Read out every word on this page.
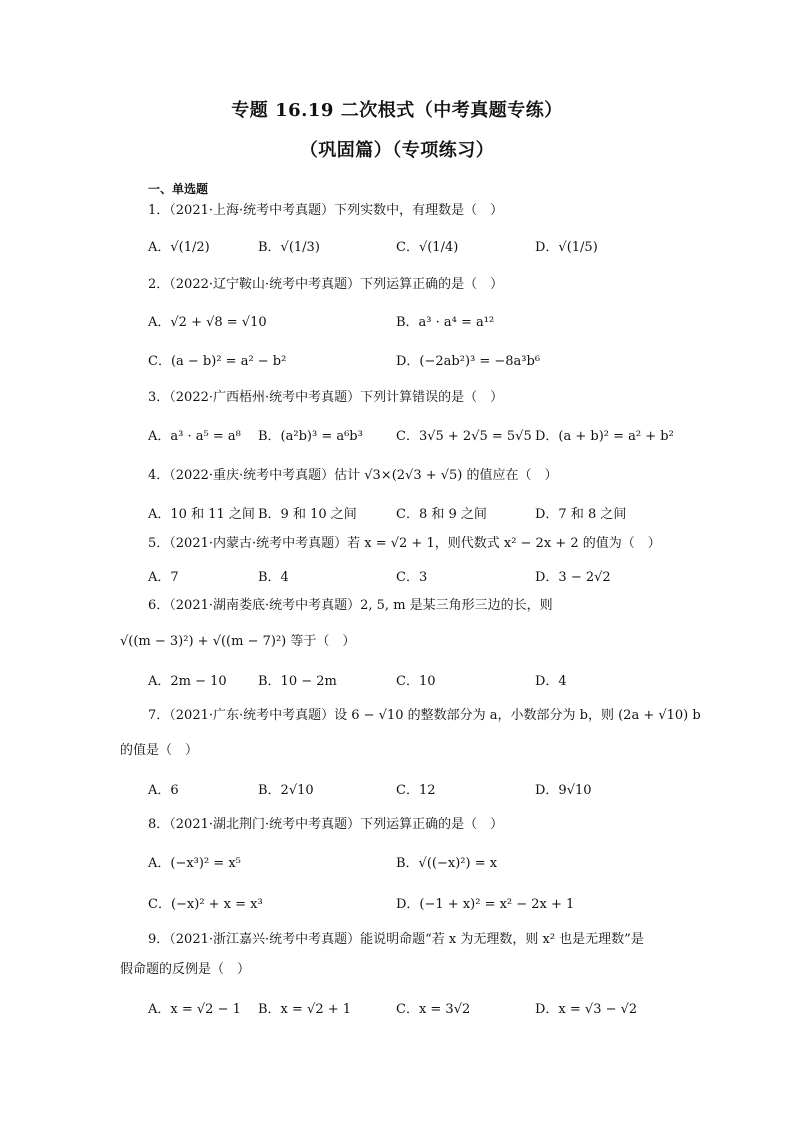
专题 16.19 二次根式（中考真题专练）
（巩固篇）（专项练习）
一、单选题
1．（2021·上海·统考中考真题）下列实数中，有理数是（　）
A．√(1/2)	B．√(1/3)	C．√(1/4)	D．√(1/5)
2．（2022·辽宁鞍山·统考中考真题）下列运算正确的是（　）
A．√2 + √8 = √10	B．a³ · a⁴ = a¹²
C．(a − b)² = a² − b²	D．(−2ab²)³ = −8a³b⁶
3．（2022·广西梧州·统考中考真题）下列计算错误的是（　）
A．a³ · a⁵ = a⁸ B．(a²b)³ = a⁶b³	C．3√5 + 2√5 = 5√5 D．(a + b)² = a² + b²
4．（2022·重庆·统考中考真题）估计 √3×(2√3 + √5) 的值应在（　）
A．10 和 11 之间 B．9 和 10 之间	C．8 和 9 之间	D．7 和 8 之间
5．（2021·内蒙古·统考中考真题）若 x = √2 + 1，则代数式 x² − 2x + 2 的值为（　）
A．7	B．4	C．3	D．3 − 2√2
6．（2021·湖南娄底·统考中考真题）2, 5, m 是某三角形三边的长，则
√((m − 3)²) + √((m − 7)²) 等于（　）
A．2m − 10 B．10 − 2m	C．10	D．4
7．（2021·广东·统考中考真题）设 6 − √10 的整数部分为 a，小数部分为 b，则 (2a + √10) b
的值是（　）
A．6	B．2√10	C．12	D．9√10
8．（2021·湖北荆门·统考中考真题）下列运算正确的是（　）
A．(−x³)² = x⁵	B．√((−x)²) = x
C．(−x)² + x = x³	D．(−1 + x)² = x² − 2x + 1
9．（2021·浙江嘉兴·统考中考真题）能说明命题“若 x 为无理数，则 x² 也是无理数”是
假命题的反例是（　）
A．x = √2 − 1 B．x = √2 + 1	C．x = 3√2	D．x = √3 − √2
